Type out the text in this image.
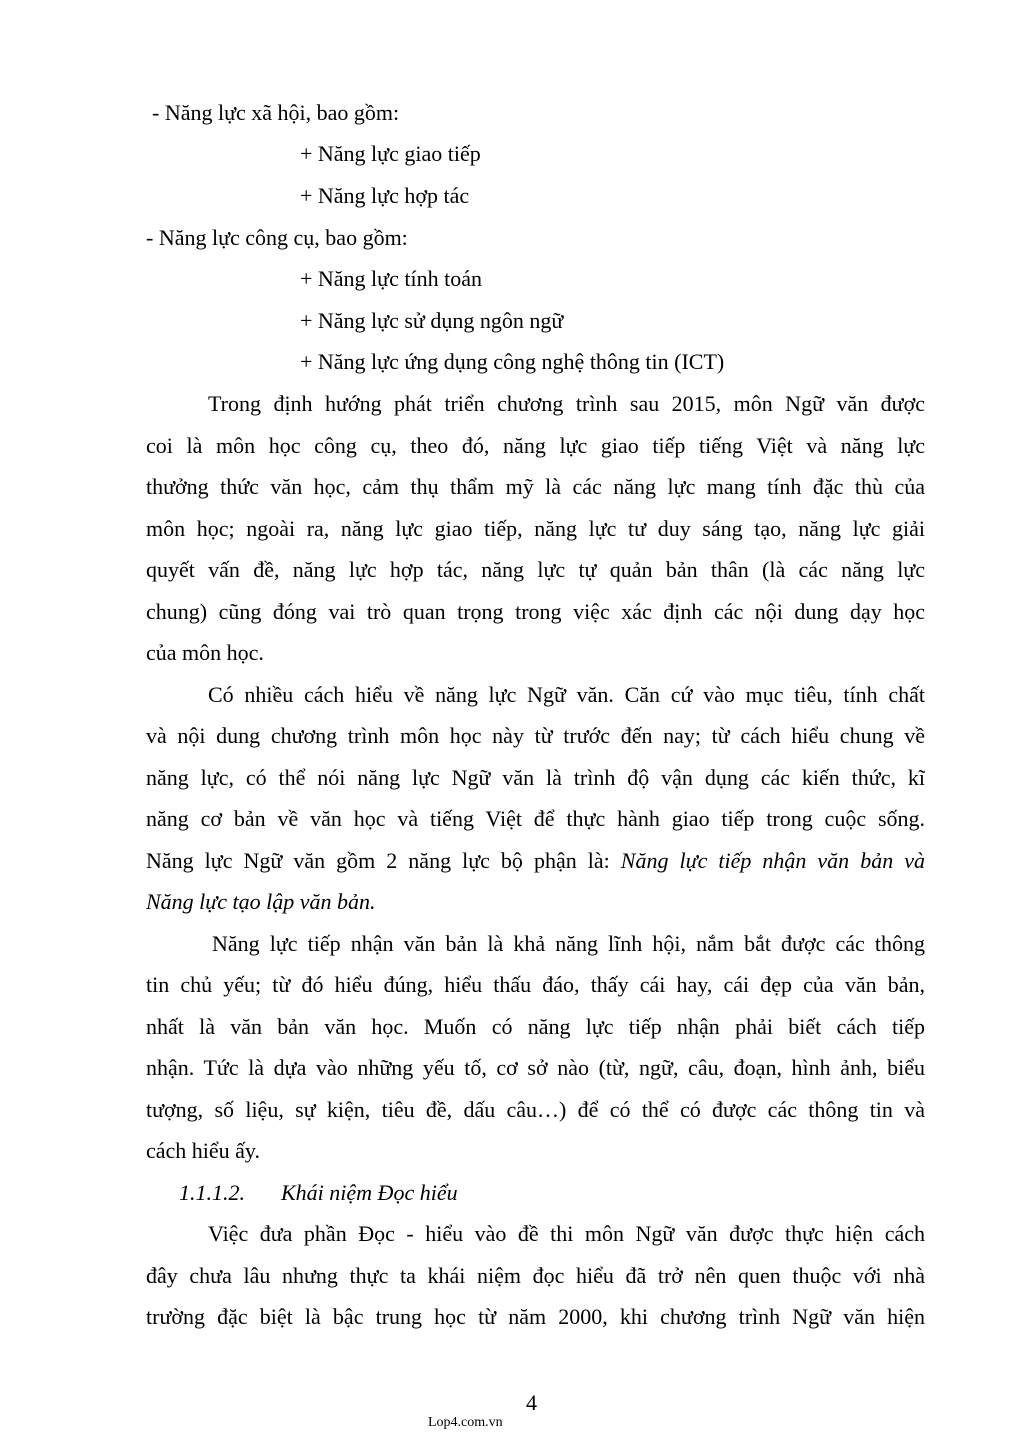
- Năng lực xã hội, bao gồm:
+ Năng lực giao tiếp
+ Năng lực hợp tác
- Năng lực công cụ, bao gồm:
+ Năng lực tính toán
+ Năng lực sử dụng ngôn ngữ
+ Năng lực ứng dụng công nghệ thông tin (ICT)
Trong định hướng phát triển chương trình sau 2015, môn Ngữ văn được
coi là môn học công cụ, theo đó, năng lực giao tiếp tiếng Việt và năng lực
thưởng thức văn học, cảm thụ thẩm mỹ là các năng lực mang tính đặc thù của
môn học; ngoài ra, năng lực giao tiếp, năng lực tư duy sáng tạo, năng lực giải
quyết vấn đề, năng lực hợp tác, năng lực tự quản bản thân (là các năng lực
chung) cũng đóng vai trò quan trọng trong việc xác định các nội dung dạy học
của môn học.
Có nhiều cách hiểu về năng lực Ngữ văn. Căn cứ vào mục tiêu, tính chất
và nội dung chương trình môn học này từ trước đến nay; từ cách hiểu chung về
năng lực, có thể nói năng lực Ngữ văn là trình độ vận dụng các kiến thức, kĩ
năng cơ bản về văn học và tiếng Việt để thực hành giao tiếp trong cuộc sống.
Năng lực Ngữ văn gồm 2 năng lực bộ phận là: Năng lực tiếp nhận văn bản và
Năng lực tạo lập văn bản.
Năng lực tiếp nhận văn bản là khả năng lĩnh hội, nắm bắt được các thông
tin chủ yếu; từ đó hiểu đúng, hiểu thấu đáo, thấy cái hay, cái đẹp của văn bản,
nhất là văn bản văn học. Muốn có năng lực tiếp nhận phải biết cách tiếp
nhận. Tức là dựa vào những yếu tố, cơ sở nào (từ, ngữ, câu, đoạn, hình ảnh, biểu
tượng, số liệu, sự kiện, tiêu đề, dấu câu…) để có thể có được các thông tin và
cách hiểu ấy.
1.1.1.2. Khái niệm Đọc hiểu
Việc đưa phần Đọc - hiểu vào đề thi môn Ngữ văn được thực hiện cách
đây chưa lâu nhưng thực ta khái niệm đọc hiểu đã trở nên quen thuộc với nhà
trường đặc biệt là bậc trung học từ năm 2000, khi chương trình Ngữ văn hiện
4
Lop4.com.vn
